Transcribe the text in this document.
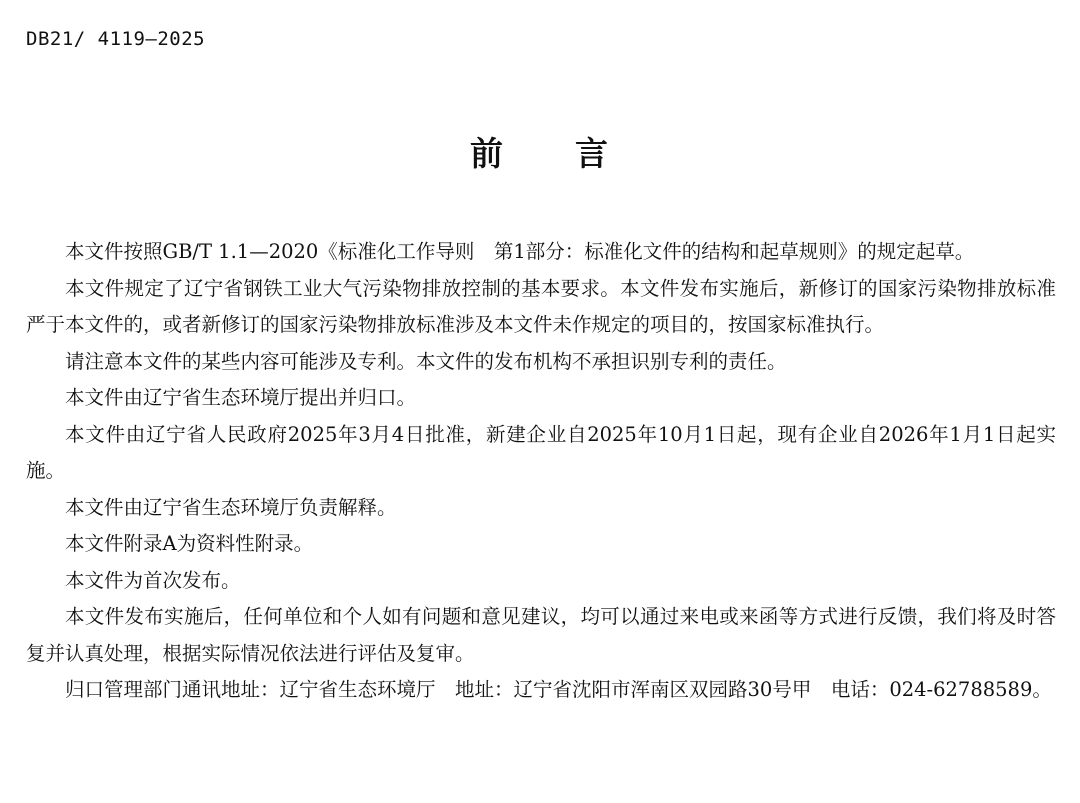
DB21/ 4119—2025
前 言

本文件按照GB/T 1.1—2020《标准化工作导则　第1部分：标准化文件的结构和起草规则》的规定起草。

本文件规定了辽宁省钢铁工业大气污染物排放控制的基本要求。本文件发布实施后，新修订的国家污染物排放标准严于本文件的，或者新修订的国家污染物排放标准涉及本文件未作规定的项目的，按国家标准执行。

请注意本文件的某些内容可能涉及专利。本文件的发布机构不承担识别专利的责任。

本文件由辽宁省生态环境厅提出并归口。

本文件由辽宁省人民政府2025年3月4日批准，新建企业自2025年10月1日起，现有企业自2026年1月1日起实施。

本文件由辽宁省生态环境厅负责解释。

本文件附录A为资料性附录。

本文件为首次发布。

本文件发布实施后，任何单位和个人如有问题和意见建议，均可以通过来电或来函等方式进行反馈，我们将及时答复并认真处理，根据实际情况依法进行评估及复审。

归口管理部门通讯地址：辽宁省生态环境厅　地址：辽宁省沈阳市浑南区双园路30号甲　电话：024-62788589。
